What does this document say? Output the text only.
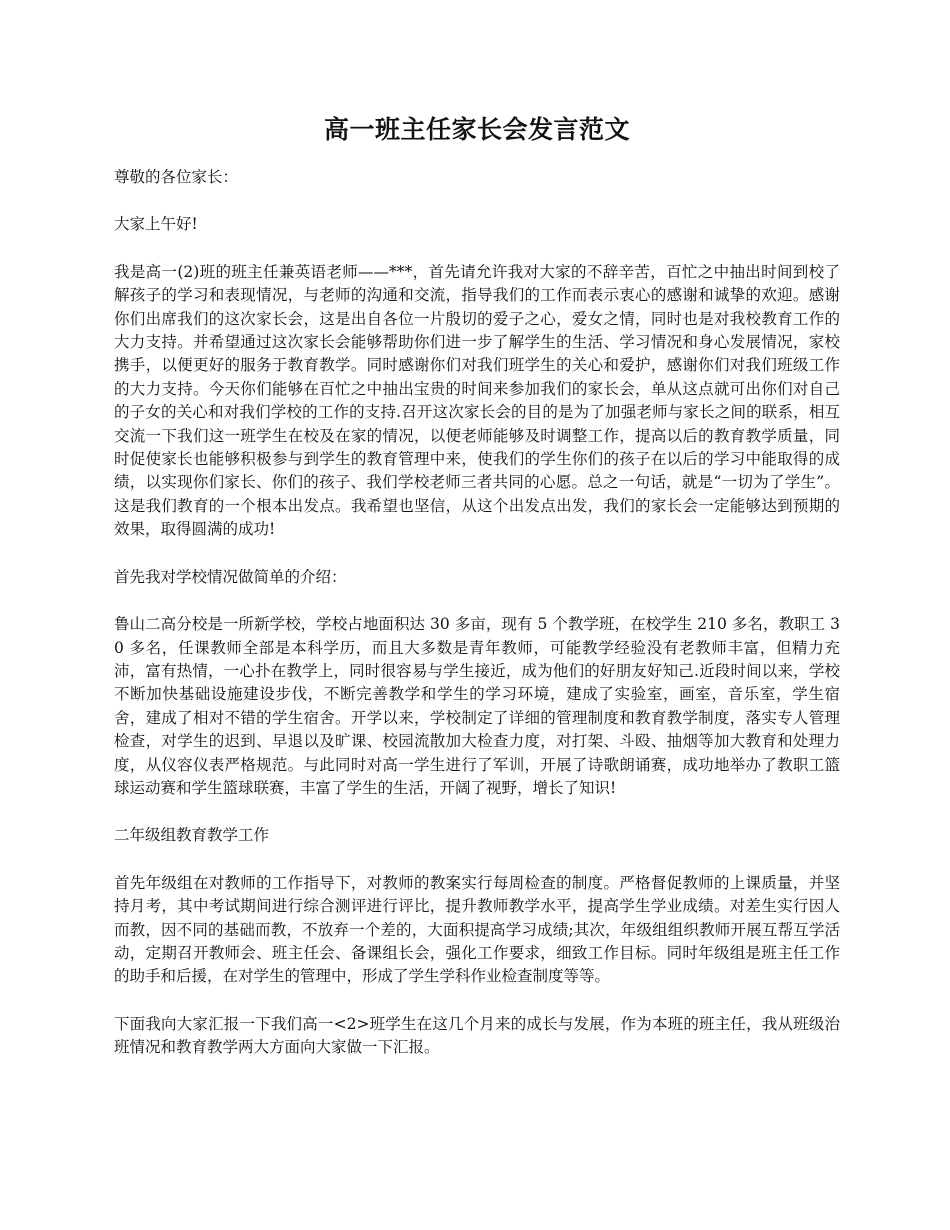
高一班主任家长会发言范文

尊敬的各位家长：

大家上午好!

我是高一(2)班的班主任兼英语老师——***，首先请允许我对大家的不辞辛苦，百忙之中抽出时间到校了解孩子的学习和表现情况，与老师的沟通和交流，指导我们的工作而表示衷心的感谢和诚挚的欢迎。感谢你们出席我们的这次家长会，这是出自各位一片殷切的爱子之心，爱女之情，同时也是对我校教育工作的大力支持。并希望通过这次家长会能够帮助你们进一步了解学生的生活、学习情况和身心发展情况，家校携手，以便更好的服务于教育教学。同时感谢你们对我们班学生的关心和爱护，感谢你们对我们班级工作的大力支持。今天你们能够在百忙之中抽出宝贵的时间来参加我们的家长会，单从这点就可出你们对自己的子女的关心和对我们学校的工作的支持.召开这次家长会的目的是为了加强老师与家长之间的联系，相互交流一下我们这一班学生在校及在家的情况，以便老师能够及时调整工作，提高以后的教育教学质量，同时促使家长也能够积极参与到学生的教育管理中来，使我们的学生你们的孩子在以后的学习中能取得的成绩，以实现你们家长、你们的孩子、我们学校老师三者共同的心愿。总之一句话，就是“一切为了学生”。这是我们教育的一个根本出发点。我希望也坚信，从这个出发点出发，我们的家长会一定能够达到预期的效果，取得圆满的成功!

首先我对学校情况做简单的介绍：

鲁山二高分校是一所新学校，学校占地面积达 30 多亩，现有 5 个教学班，在校学生 210 多名，教职工 30 多名，任课教师全部是本科学历，而且大多数是青年教师，可能教学经验没有老教师丰富，但精力充沛，富有热情，一心扑在教学上，同时很容易与学生接近，成为他们的好朋友好知己.近段时间以来，学校不断加快基础设施建设步伐，不断完善教学和学生的学习环境，建成了实验室，画室，音乐室，学生宿舍，建成了相对不错的学生宿舍。开学以来，学校制定了详细的管理制度和教育教学制度，落实专人管理检查，对学生的迟到、早退以及旷课、校园流散加大检查力度，对打架、斗殴、抽烟等加大教育和处理力度，从仪容仪表严格规范。与此同时对高一学生进行了军训，开展了诗歌朗诵赛，成功地举办了教职工篮球运动赛和学生篮球联赛，丰富了学生的生活，开阔了视野，增长了知识!

二年级组教育教学工作

首先年级组在对教师的工作指导下，对教师的教案实行每周检查的制度。严格督促教师的上课质量，并坚持月考，其中考试期间进行综合测评进行评比，提升教师教学水平，提高学生学业成绩。对差生实行因人而教，因不同的基础而教，不放弃一个差的，大面积提高学习成绩;其次，年级组组织教师开展互帮互学活动，定期召开教师会、班主任会、备课组长会，强化工作要求，细致工作目标。同时年级组是班主任工作的助手和后援，在对学生的管理中，形成了学生学科作业检查制度等等。

下面我向大家汇报一下我们高一<2>班学生在这几个月来的成长与发展，作为本班的班主任，我从班级治班情况和教育教学两大方面向大家做一下汇报。
